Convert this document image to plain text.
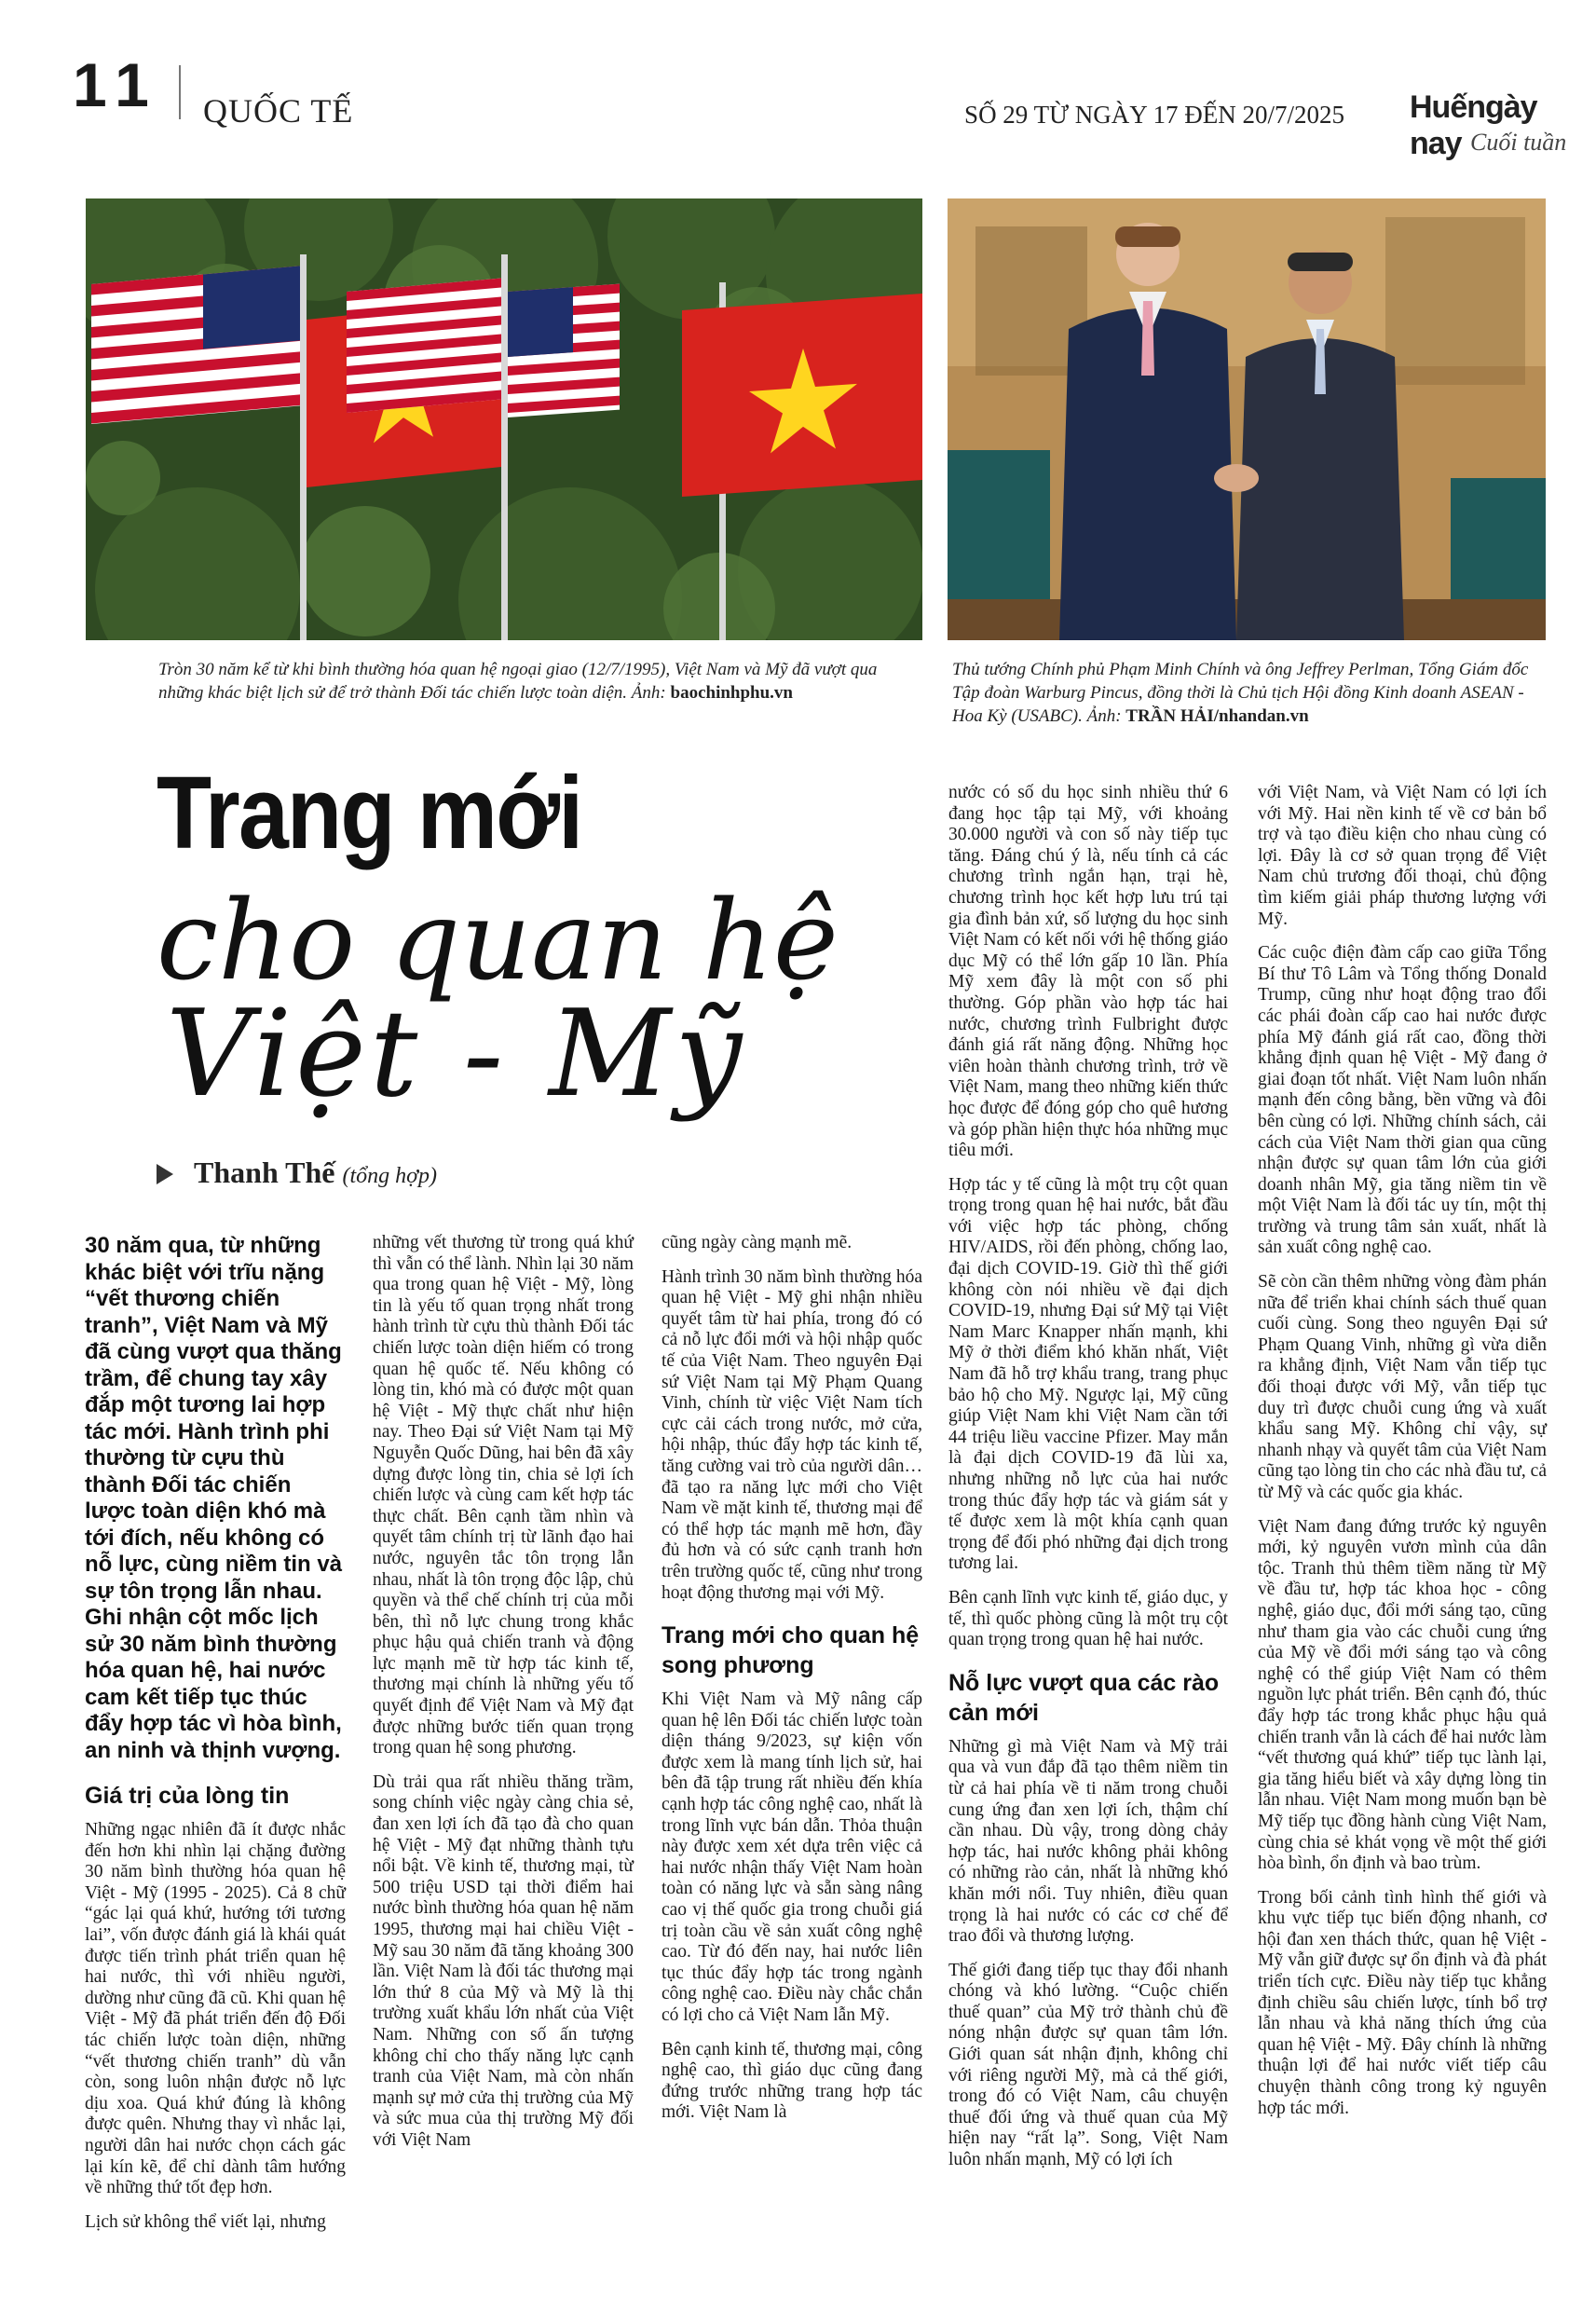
11 QUỐC TẾ	SỐ 29 TỪ NGÀY 17 ĐẾN 20/7/2025 Huếngày nay Cuối tuần
Tròn 30 năm kể từ khi bình thường hóa quan hệ ngoại giao (12/7/1995), Việt Nam và Mỹ đã vượt qua những khác biệt lịch sử để trở thành Đối tác chiến lược toàn diện. Ảnh: baochinhphu.vn
Thủ tướng Chính phủ Phạm Minh Chính và ông Jeffrey Perlman, Tổng Giám đốc Tập đoàn Warburg Pincus, đồng thời là Chủ tịch Hội đồng Kinh doanh ASEAN - Hoa Kỳ (USABC). Ảnh: TRẦN HẢI/nhandan.vn
Trang mới
cho quan hệ
Việt - Mỹ
Thanh Thế (tổng hợp)

30 năm qua, từ những khác biệt với trĩu nặng “vết thương chiến tranh”, Việt Nam và Mỹ đã cùng vượt qua thăng trầm, để chung tay xây đắp một tương lai hợp tác mới. Hành trình phi thường từ cựu thù thành Đối tác chiến lược toàn diện khó mà tới đích, nếu không có nỗ lực, cùng niềm tin và sự tôn trọng lẫn nhau. Ghi nhận cột mốc lịch sử 30 năm bình thường hóa quan hệ, hai nước cam kết tiếp tục thúc đẩy hợp tác vì hòa bình, an ninh và thịnh vượng.

Giá trị của lòng tin

Những ngạc nhiên đã ít được nhắc đến hơn khi nhìn lại chặng đường 30 năm bình thường hóa quan hệ Việt - Mỹ (1995 - 2025). Cả 8 chữ “gác lại quá khứ, hướng tới tương lai”, vốn được đánh giá là khái quát được tiến trình phát triển quan hệ hai nước, thì với nhiều người, dường như cũng đã cũ. Khi quan hệ Việt - Mỹ đã phát triển đến độ Đối tác chiến lược toàn diện, những “vết thương chiến tranh” dù vẫn còn, song luôn nhận được nỗ lực dịu xoa. Quá khứ đúng là không được quên. Nhưng thay vì nhắc lại, người dân hai nước chọn cách gác lại kín kẽ, để chỉ dành tâm hướng về những thứ tốt đẹp hơn.

Lịch sử không thể viết lại, nhưng

những vết thương từ trong quá khứ thì vẫn có thể lành. Nhìn lại 30 năm qua trong quan hệ Việt - Mỹ, lòng tin là yếu tố quan trọng nhất trong hành trình từ cựu thù thành Đối tác chiến lược toàn diện hiếm có trong quan hệ quốc tế. Nếu không có lòng tin, khó mà có được một quan hệ Việt - Mỹ thực chất như hiện nay. Theo Đại sứ Việt Nam tại Mỹ Nguyễn Quốc Dũng, hai bên đã xây dựng được lòng tin, chia sẻ lợi ích chiến lược và cùng cam kết hợp tác thực chất. Bên cạnh tầm nhìn và quyết tâm chính trị từ lãnh đạo hai nước, nguyên tắc tôn trọng lẫn nhau, nhất là tôn trọng độc lập, chủ quyền và thể chế chính trị của mỗi bên, thì nỗ lực chung trong khắc phục hậu quả chiến tranh và động lực mạnh mẽ từ hợp tác kinh tế, thương mại chính là những yếu tố quyết định để Việt Nam và Mỹ đạt được những bước tiến quan trọng trong quan hệ song phương.

Dù trải qua rất nhiều thăng trầm, song chính việc ngày càng chia sẻ, đan xen lợi ích đã tạo đà cho quan hệ Việt - Mỹ đạt những thành tựu nổi bật. Về kinh tế, thương mại, từ 500 triệu USD tại thời điểm hai nước bình thường hóa quan hệ năm 1995, thương mại hai chiều Việt - Mỹ sau 30 năm đã tăng khoảng 300 lần. Việt Nam là đối tác thương mại lớn thứ 8 của Mỹ và Mỹ là thị trường xuất khẩu lớn nhất của Việt Nam. Những con số ấn tượng không chỉ cho thấy năng lực cạnh tranh của Việt Nam, mà còn nhấn mạnh sự mở cửa thị trường của Mỹ và sức mua của thị trường Mỹ đối với Việt Nam

cũng ngày càng mạnh mẽ.

Hành trình 30 năm bình thường hóa quan hệ Việt - Mỹ ghi nhận nhiều quyết tâm từ hai phía, trong đó có cả nỗ lực đổi mới và hội nhập quốc tế của Việt Nam. Theo nguyên Đại sứ Việt Nam tại Mỹ Phạm Quang Vinh, chính từ việc Việt Nam tích cực cải cách trong nước, mở cửa, hội nhập, thúc đẩy hợp tác kinh tế, tăng cường vai trò của người dân… đã tạo ra năng lực mới cho Việt Nam về mặt kinh tế, thương mại để có thể hợp tác mạnh mẽ hơn, đầy đủ hơn và có sức cạnh tranh hơn trên trường quốc tế, cũng như trong hoạt động thương mại với Mỹ.

Trang mới cho quan hệ song phương

Khi Việt Nam và Mỹ nâng cấp quan hệ lên Đối tác chiến lược toàn diện tháng 9/2023, sự kiện vốn được xem là mang tính lịch sử, hai bên đã tập trung rất nhiều đến khía cạnh hợp tác công nghệ cao, nhất là trong lĩnh vực bán dẫn. Thỏa thuận này được xem xét dựa trên việc cả hai nước nhận thấy Việt Nam hoàn toàn có năng lực và sẵn sàng nâng cao vị thế quốc gia trong chuỗi giá trị toàn cầu về sản xuất công nghệ cao. Từ đó đến nay, hai nước liên tục thúc đẩy hợp tác trong ngành công nghệ cao. Điều này chắc chắn có lợi cho cả Việt Nam lẫn Mỹ.

Bên cạnh kinh tế, thương mại, công nghệ cao, thì giáo dục cũng đang đứng trước những trang hợp tác mới. Việt Nam là

nước có số du học sinh nhiều thứ 6 đang học tập tại Mỹ, với khoảng 30.000 người và con số này tiếp tục tăng. Đáng chú ý là, nếu tính cả các chương trình ngắn hạn, trại hè, chương trình học kết hợp lưu trú tại gia đình bản xứ, số lượng du học sinh Việt Nam có kết nối với hệ thống giáo dục Mỹ có thể lớn gấp 10 lần. Phía Mỹ xem đây là một con số phi thường. Góp phần vào hợp tác hai nước, chương trình Fulbright được đánh giá rất năng động. Những học viên hoàn thành chương trình, trở về Việt Nam, mang theo những kiến thức học được để đóng góp cho quê hương và góp phần hiện thực hóa những mục tiêu mới.

Hợp tác y tế cũng là một trụ cột quan trọng trong quan hệ hai nước, bắt đầu với việc hợp tác phòng, chống HIV/AIDS, rồi đến phòng, chống lao, đại dịch COVID-19. Giờ thì thế giới không còn nói nhiều về đại dịch COVID-19, nhưng Đại sứ Mỹ tại Việt Nam Marc Knapper nhấn mạnh, khi Mỹ ở thời điểm khó khăn nhất, Việt Nam đã hỗ trợ khẩu trang, trang phục bảo hộ cho Mỹ. Ngược lại, Mỹ cũng giúp Việt Nam khi Việt Nam cần tới 44 triệu liều vaccine Pfizer. May mắn là đại dịch COVID-19 đã lùi xa, nhưng những nỗ lực của hai nước trong thúc đẩy hợp tác và giám sát y tế được xem là một khía cạnh quan trọng để đối phó những đại dịch trong tương lai.

Bên cạnh lĩnh vực kinh tế, giáo dục, y tế, thì quốc phòng cũng là một trụ cột quan trọng trong quan hệ hai nước.

Nỗ lực vượt qua các rào cản mới

Những gì mà Việt Nam và Mỹ trải qua và vun đắp đã tạo thêm niềm tin từ cả hai phía về ti năm trong chuỗi cung ứng đan xen lợi ích, thậm chí cần nhau. Dù vậy, trong dòng chảy hợp tác, hai nước không phải không có những rào cản, nhất là những khó khăn mới nổi. Tuy nhiên, điều quan trọng là hai nước có các cơ chế để trao đổi và thương lượng.

Thế giới đang tiếp tục thay đổi nhanh chóng và khó lường. “Cuộc chiến thuế quan” của Mỹ trở thành chủ đề nóng nhận được sự quan tâm lớn. Giới quan sát nhận định, không chỉ với riêng người Mỹ, mà cả thế giới, trong đó có Việt Nam, câu chuyện thuế đối ứng và thuế quan của Mỹ hiện nay “rất lạ”. Song, Việt Nam luôn nhấn mạnh, Mỹ có lợi ích

với Việt Nam, và Việt Nam có lợi ích với Mỹ. Hai nền kinh tế về cơ bản bổ trợ và tạo điều kiện cho nhau cùng có lợi. Đây là cơ sở quan trọng để Việt Nam chủ trương đối thoại, chủ động tìm kiếm giải pháp thương lượng với Mỹ.

Các cuộc điện đàm cấp cao giữa Tổng Bí thư Tô Lâm và Tổng thống Donald Trump, cũng như hoạt động trao đổi các phái đoàn cấp cao hai nước được phía Mỹ đánh giá rất cao, đồng thời khẳng định quan hệ Việt - Mỹ đang ở giai đoạn tốt nhất. Việt Nam luôn nhấn mạnh đến công bằng, bền vững và đôi bên cùng có lợi. Những chính sách, cải cách của Việt Nam thời gian qua cũng nhận được sự quan tâm lớn của giới doanh nhân Mỹ, gia tăng niềm tin về một Việt Nam là đối tác uy tín, một thị trường và trung tâm sản xuất, nhất là sản xuất công nghệ cao.

Sẽ còn cần thêm những vòng đàm phán nữa để triển khai chính sách thuế quan cuối cùng. Song theo nguyên Đại sứ Phạm Quang Vinh, những gì vừa diễn ra khẳng định, Việt Nam vẫn tiếp tục đối thoại được với Mỹ, vẫn tiếp tục duy trì được chuỗi cung ứng và xuất khẩu sang Mỹ. Không chỉ vậy, sự nhanh nhạy và quyết tâm của Việt Nam cũng tạo lòng tin cho các nhà đầu tư, cả từ Mỹ và các quốc gia khác.

Việt Nam đang đứng trước kỷ nguyên mới, kỷ nguyên vươn mình của dân tộc. Tranh thủ thêm tiềm năng từ Mỹ về đầu tư, hợp tác khoa học - công nghệ, giáo dục, đổi mới sáng tạo, cũng như tham gia vào các chuỗi cung ứng của Mỹ về đổi mới sáng tạo và công nghệ có thể giúp Việt Nam có thêm nguồn lực phát triển. Bên cạnh đó, thúc đẩy hợp tác trong khắc phục hậu quả chiến tranh vẫn là cách để hai nước làm “vết thương quá khứ” tiếp tục lành lại, gia tăng hiểu biết và xây dựng lòng tin lẫn nhau. Việt Nam mong muốn bạn bè Mỹ tiếp tục đồng hành cùng Việt Nam, cùng chia sẻ khát vọng về một thế giới hòa bình, ổn định và bao trùm.

Trong bối cảnh tình hình thế giới và khu vực tiếp tục biến động nhanh, cơ hội đan xen thách thức, quan hệ Việt - Mỹ vẫn giữ được sự ổn định và đà phát triển tích cực. Điều này tiếp tục khẳng định chiều sâu chiến lược, tính bổ trợ lẫn nhau và khả năng thích ứng của quan hệ Việt - Mỹ. Đây chính là những thuận lợi để hai nước viết tiếp câu chuyện thành công trong kỷ nguyên hợp tác mới.
